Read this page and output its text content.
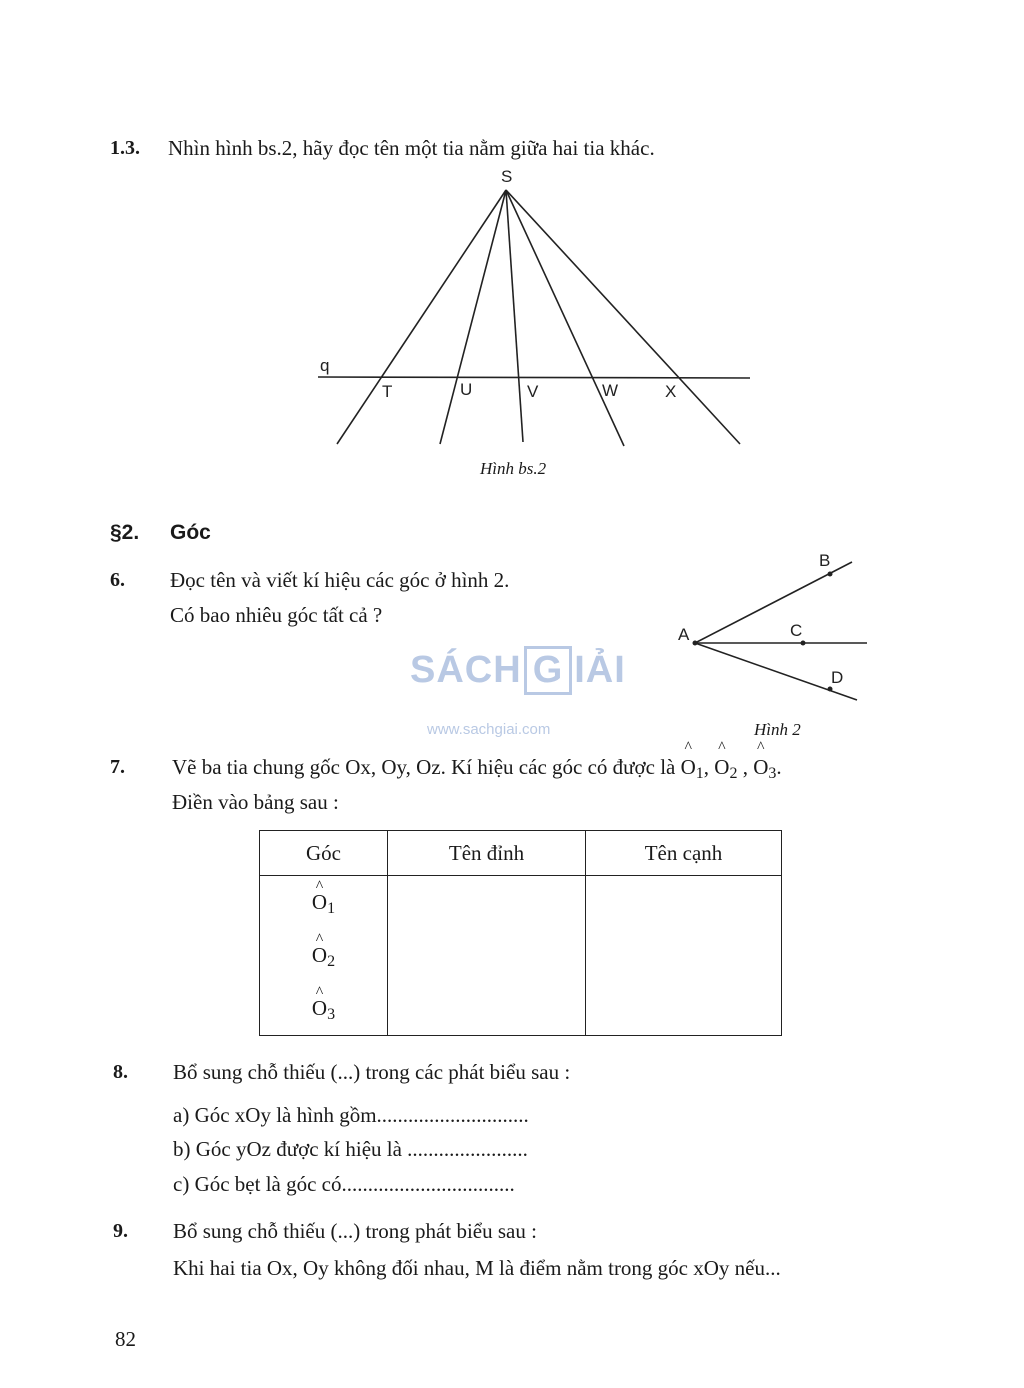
1.3. Nhìn hình bs.2, hãy đọc tên một tia nằm giữa hai tia khác.
S
q
T	U	V	W	X
Hình bs.2
§2. Góc
6. Đọc tên và viết kí hiệu các góc ở hình 2.
Có bao nhiêu góc tất cả ?
A
B
C
D
Hình 2
SÁCH G IẢI
www.sachgiai.com
7. Vẽ ba tia chung gốc Ox, Oy, Oz. Kí hiệu các góc có được là ^ $O_1$, ^ $O_2$ , ^ $O_3$.
Điền vào bảng sau :
Góc	Tên đỉnh	Tên cạnh

^ $O_1$
^ $O_2$
^ $O_3$

8. Bổ sung chỗ thiếu (...) trong các phát biểu sau :
a) Góc xOy là hình gồm.............................
b) Góc yOz được kí hiệu là .......................
c) Góc bẹt là góc có.................................
9. Bổ sung chỗ thiếu (...) trong phát biểu sau :
Khi hai tia Ox, Oy không đối nhau, M là điểm nằm trong góc xOy nếu...
82
